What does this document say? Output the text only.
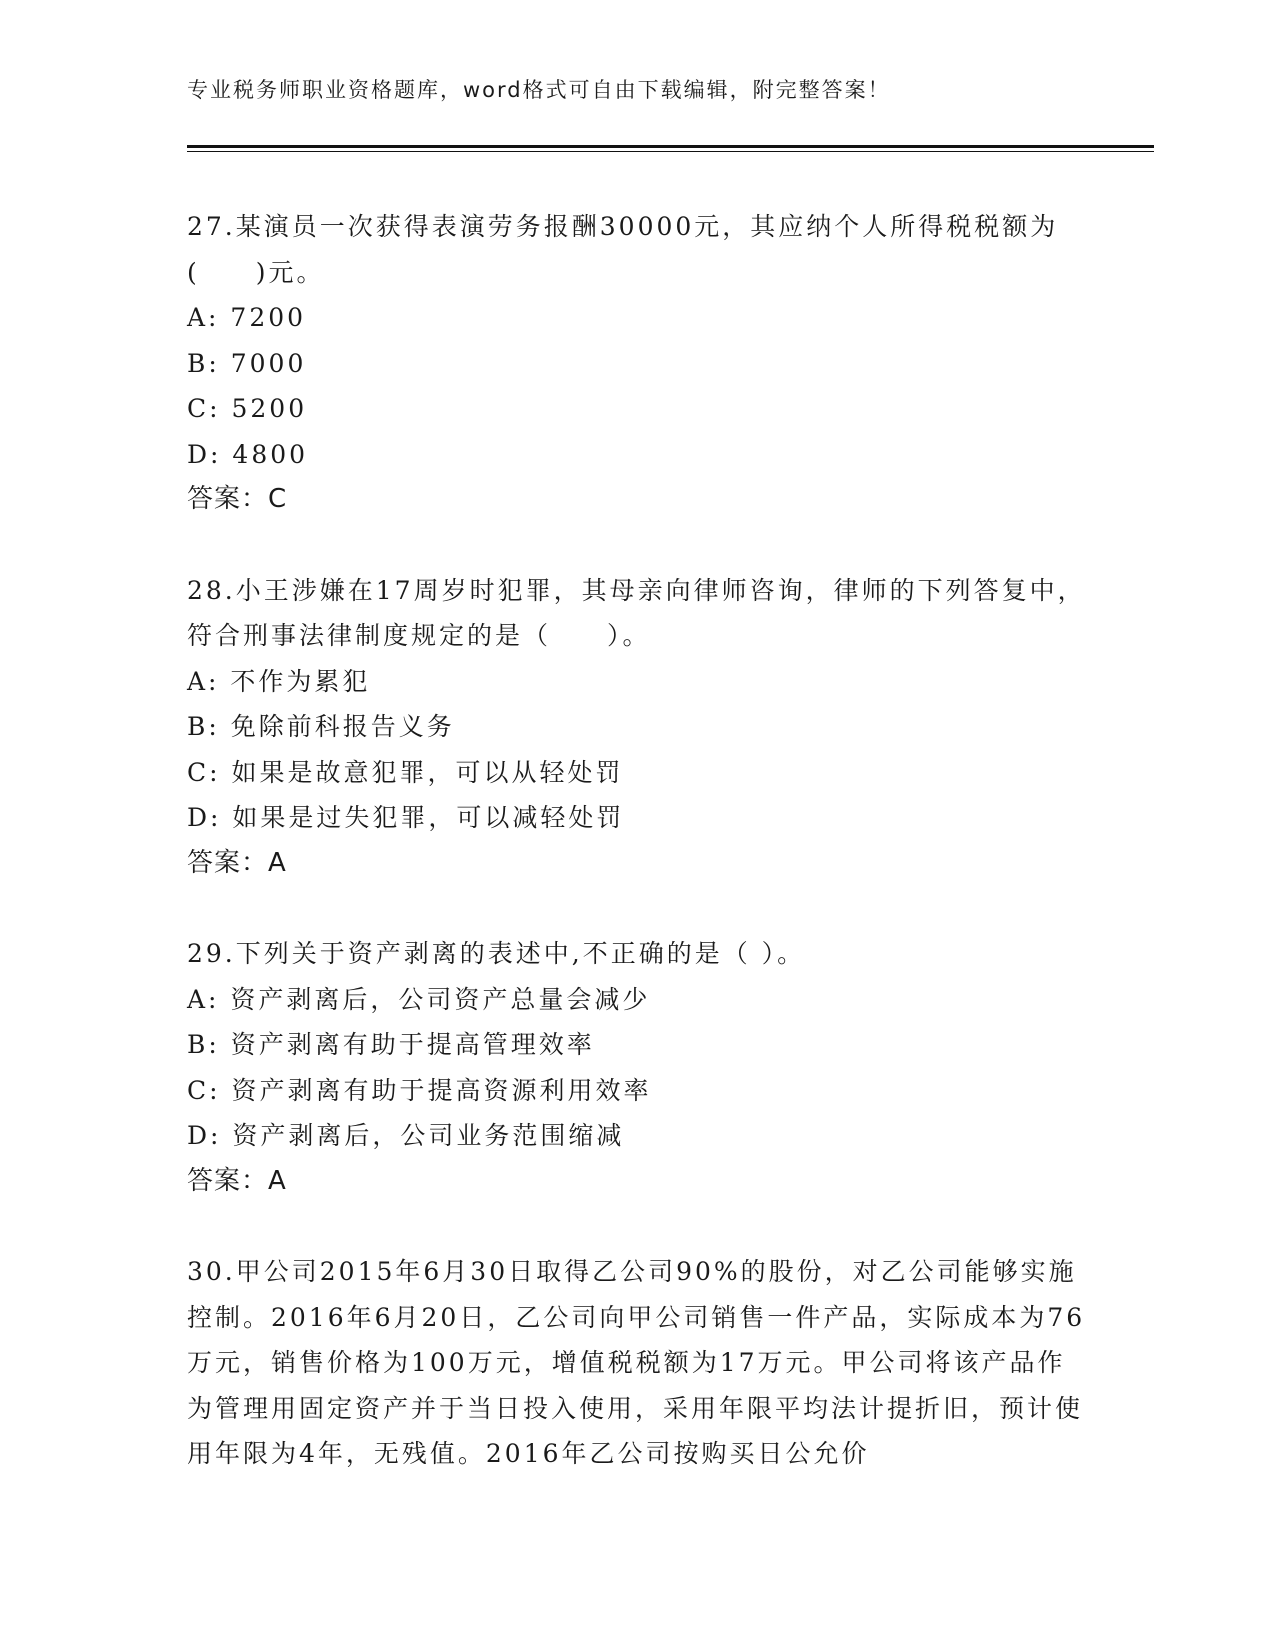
专业税务师职业资格题库，word格式可自由下载编辑，附完整答案！
27.某演员一次获得表演劳务报酬30000元，其应纳个人所得税税额为(　　)元。
A: 7200
B: 7000
C: 5200
D: 4800
答案：C
28.小王涉嫌在17周岁时犯罪，其母亲向律师咨询，律师的下列答复中，符合刑事法律制度规定的是（　　）。
A: 不作为累犯
B: 免除前科报告义务
C: 如果是故意犯罪，可以从轻处罚
D: 如果是过失犯罪，可以减轻处罚
答案：A
29.下列关于资产剥离的表述中,不正确的是（ ）。
A: 资产剥离后，公司资产总量会减少
B: 资产剥离有助于提高管理效率
C: 资产剥离有助于提高资源利用效率
D: 资产剥离后，公司业务范围缩减
答案：A
30.甲公司2015年6月30日取得乙公司90%的股份，对乙公司能够实施控制。2016年6月20日，乙公司向甲公司销售一件产品，实际成本为76万元，销售价格为100万元，增值税税额为17万元。甲公司将该产品作为管理用固定资产并于当日投入使用，采用年限平均法计提折旧，预计使用年限为4年，无残值。2016年乙公司按购买日公允价
